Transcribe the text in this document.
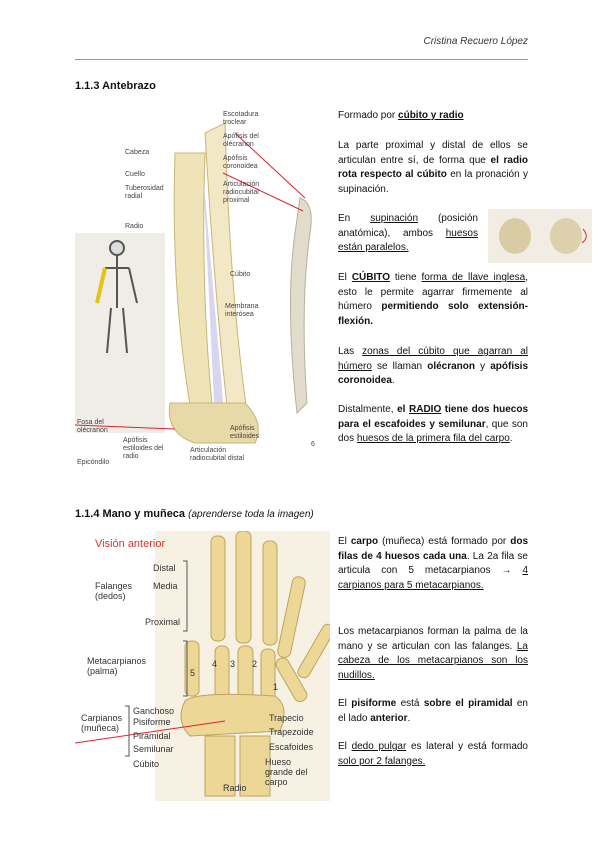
Cristina Recuero López
1.1.3 Antebrazo
Escotadura troclear
Apófisis del olécranon
Apófisis coronoidea
Cabeza
Cuello
Tuberosidad radial
Radio
Articulación radiocubital proximal
Cúbito
Membrana interósea
Fosa del olécranon
Apófisis estiloides del radio
Apófisis estiloides
Articulación radiocubital distal
Epicóndilo
6
Formado por cúbito y radio
La parte proximal y distal de ellos se articulan entre sí, de forma que el radio rota respecto al cúbito en la pronación y supinación.
En supinación (posición anatómica), ambos huesos están paralelos.
El CÚBITO tiene forma de llave inglesa, esto le permite agarrar firmemente al húmero permitiendo solo extensión-flexión.
Las zonas del cúbito que agarran al húmero se llaman olécranon y apófisis coronoidea.
Distalmente, el RADIO tiene dos huecos para el escafoides y semilunar, que son dos huesos de la primera fila del carpo.
1.1.4 Mano y muñeca (aprenderse toda la imagen)
Visión anterior
Distal
Media
Falanges (dedos)
Proximal
Metacarpianos (palma)
Ganchoso
Pisiforme
Piramidal
Semilunar
Carpianos (muñeca)
Cúbito
Radio
Trapecio
Trapezoide
Escafoides
Hueso grande del carpo
1
2
3
4
5
El carpo (muñeca) está formado por dos filas de 4 huesos cada una. La 2a fila se articula con 5 metacarpianos → 4 carpianos para 5 metacarpianos.
Los metacarpianos forman la palma de la mano y se articulan con las falanges. La cabeza de los metacarpianos son los nudillos.
El pisiforme está sobre el piramidal en el lado anterior.
El dedo pulgar es lateral y está formado solo por 2 falanges.
